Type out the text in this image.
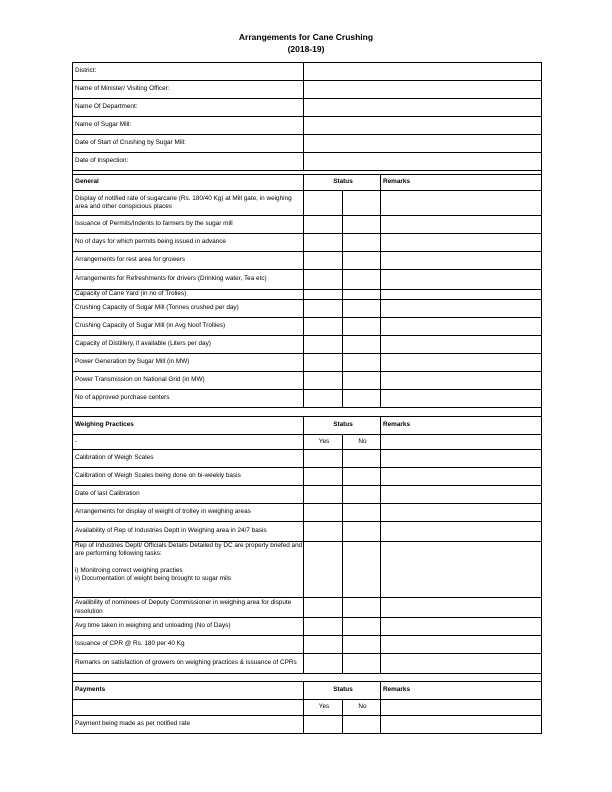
Arrangements for Cane Crushing
(2018-19)
District:			
Name of Minister/ Visiting Officer:			
Name Of Department:			
Name of Sugar Mill:			
Date of Start of Crushing by Sugar Mill:			
Date of Inspection:			

General	Status		Remarks
Display of notified rate of sugarcane (Rs. 180/40 Kg) at Mill gate, in weighing area and other conspicious places			
Issuance of Permits/Indents to farmers by the sugar mill			
No of days for which permits being issued in advance			
Arrangements for rest area for growers			
Arrangements for Refreshments for drivers (Drinking water, Tea etc)			
Capacity of Cane Yard (in no of Trolies)			
Crushing Capacity of Sugar Mill (Tonnes crushed per day)			
Crushing Capacity of Sugar Mill (in Avg Noof Trollies)			
Capacity of Distillery, if available (Liters per day)			
Power Generation by Sugar Mill (in MW)			
Power Transmission on National Grid (in MW)			
No of approved purchase centers			

Weighing Practices	Status		Remarks
-	Yes	No	
Calibration of Weigh Scales			
Calibration of Weigh Scales being done on bi-weekly basis			
Date of last Calibration			
Arrangements for display of weight of trolley in weighing areas			
Availability of Rep of Industries Deptt in Weighing area in 24/7 basis			

Rep of Industries Deptt/ Officials Details Detailed by DC are properly briefed and are performing following tasks:
i) Monitroing correct weighing practies
ii) Documentation of weight being brought to sugar mils			

Availibility of nominees of Deputy Commissioner in weighing area for dispute resolution			
Avg time taken in weighing and unloading (No of Days)			
Issuance of CPR @ Rs. 180 per 40 Kg			
Remarks on satisfaction of growers on weighing practices & issuance of CPRs			

Payments	Status		Remarks
	Yes	No	
Payment being made as per notified rate			
